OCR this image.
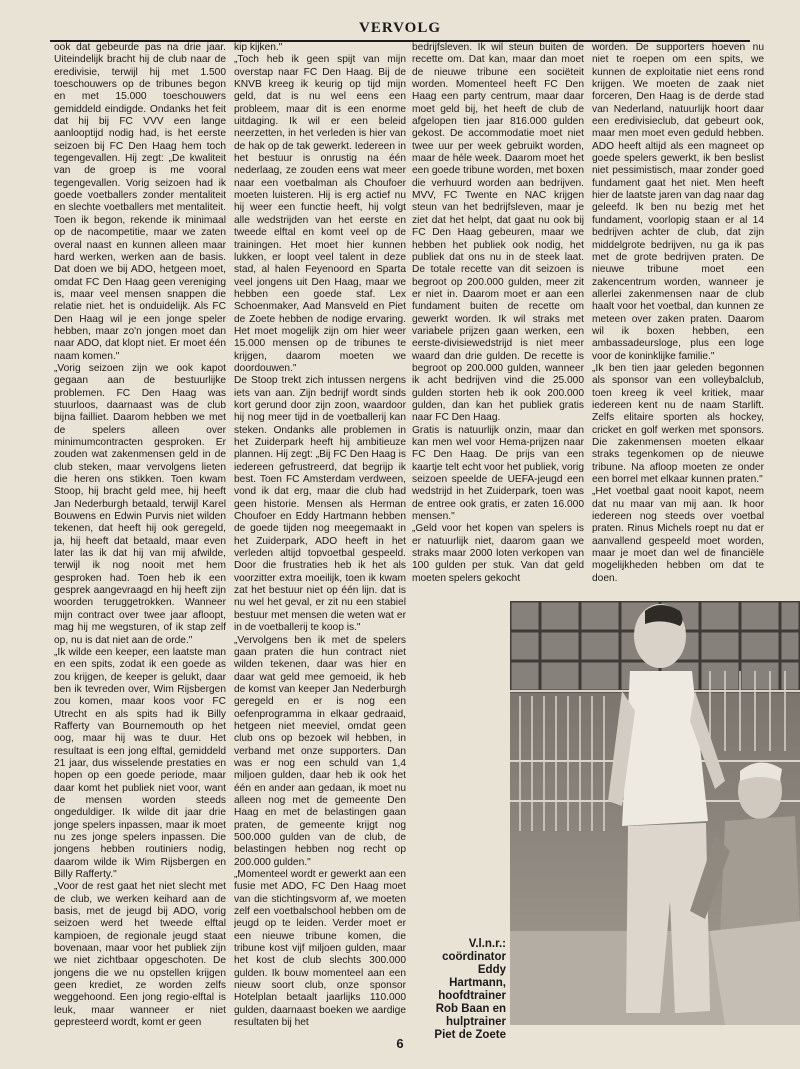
VERVOLG

ook dat gebeurde pas na drie jaar. Uiteindelijk bracht hij de club naar de eredivisie, terwijl hij met 1.500 toeschouwers op de tribunes begon en met 15.000 toeschouwers gemiddeld eindigde. Ondanks het feit dat hij bij FC VVV een lange aanlooptijd nodig had, is het eerste seizoen bij FC Den Haag hem toch tegengevallen. Hij zegt: „De kwaliteit van de groep is me vooral tegengevallen. Vorig seizoen had ik goede voetballers zonder mentaliteit en slechte voetballers met mentaliteit. Toen ik begon, rekende ik minimaal op de nacompetitie, maar we zaten overal naast en kunnen alleen maar hard werken, werken aan de basis. Dat doen we bij ADO, hetgeen moet, omdat FC Den Haag geen vereniging is, maar veel mensen snappen die relatie niet. het is onduidelijk. Als FC Den Haag wil je een jonge speler hebben, maar zo'n jongen moet dan naar ADO, dat klopt niet. Er moet één naam komen."

„Vorig seizoen zijn we ook kapot gegaan aan de bestuurlijke problemen. FC Den Haag was stuurloos, daarnaast was de club bijna failliet. Daarom hebben we met de spelers alleen over minimumcontracten gesproken. Er zouden wat zakenmensen geld in de club steken, maar vervolgens lieten die heren ons stikken. Toen kwam Stoop, hij bracht geld mee, hij heeft Jan Nederburgh betaald, terwijl Karel Bouwens en Edwin Purvis niet wilden tekenen, dat heeft hij ook geregeld, ja, hij heeft dat betaald, maar even later las ik dat hij van mij afwilde, terwijl ik nog nooit met hem gesproken had. Toen heb ik een gesprek aangevraagd en hij heeft zijn woorden teruggetrokken. Wanneer mijn contract over twee jaar afloopt, mag hij me wegsturen, of ik stap zelf op, nu is dat niet aan de orde."

„Ik wilde een keeper, een laatste man en een spits, zodat ik een goede as zou krijgen, de keeper is gelukt, daar ben ik tevreden over, Wim Rijsbergen zou komen, maar koos voor FC Utrecht en als spits had ik Billy Rafferty van Bournemouth op het oog, maar hij was te duur. Het resultaat is een jong elftal, gemiddeld 21 jaar, dus wisselende prestaties en hopen op een goede periode, maar daar komt het publiek niet voor, want de mensen worden steeds ongeduldiger. Ik wilde dit jaar drie jonge spelers inpassen, maar ik moet nu zes jonge spelers inpassen. Die jongens hebben routiniers nodig, daarom wilde ik Wim Rijsbergen en Billy Rafferty."

„Voor de rest gaat het niet slecht met de club, we werken keihard aan de basis, met de jeugd bij ADO, vorig seizoen werd het tweede elftal kampioen, de regionale jeugd staat bovenaan, maar voor het publiek zijn we niet zichtbaar opgeschoten. De jongens die we nu opstellen krijgen geen krediet, ze worden zelfs weggehoond. Een jong regio-elftal is leuk, maar wanneer er niet gepresteerd wordt, komt er geen

kip kijken."

„Toch heb ik geen spijt van mijn overstap naar FC Den Haag. Bij de KNVB kreeg ik keurig op tijd mijn geld, dat is nu wel eens een probleem, maar dit is een enorme uitdaging. Ik wil er een beleid neerzetten, in het verleden is hier van de hak op de tak gewerkt. Iedereen in het bestuur is onrustig na één nederlaag, ze zouden eens wat meer naar een voetbalman als Choufoer moeten luisteren. Hij is erg actief nu hij weer een functie heeft, hij volgt alle wedstrijden van het eerste en tweede elftal en komt veel op de trainingen. Het moet hier kunnen lukken, er loopt veel talent in deze stad, al halen Feyenoord en Sparta veel jongens uit Den Haag, maar we hebben een goede staf. Lex Schoenmaker, Aad Mansveld en Piet de Zoete hebben de nodige ervaring. Het moet mogelijk zijn om hier weer 15.000 mensen op de tribunes te krijgen, daarom moeten we doordouwen."

De Stoop trekt zich intussen nergens iets van aan. Zijn bedrijf wordt sinds kort gerund door zijn zoon, waardoor hij nog meer tijd in de voetballerij kan steken. Ondanks alle problemen in het Zuiderpark heeft hij ambitieuze plannen. Hij zegt: „Bij FC Den Haag is iedereen gefrustreerd, dat begrijp ik best. Toen FC Amsterdam verdween, vond ik dat erg, maar die club had geen historie. Mensen als Herman Choufoer en Eddy Hartmann hebben de goede tijden nog meegemaakt in het Zuiderpark, ADO heeft in het verleden altijd topvoetbal gespeeld. Door die frustraties heb ik het als voorzitter extra moeilijk, toen ik kwam zat het bestuur niet op één lijn. dat is nu wel het geval, er zit nu een stabiel bestuur met mensen die weten wat er in de voetballerij te koop is."

„Vervolgens ben ik met de spelers gaan praten die hun contract niet wilden tekenen, daar was hier en daar wat geld mee gemoeid, ik heb de komst van keeper Jan Nederburgh geregeld en er is nog een oefenprogramma in elkaar gedraaid, hetgeen niet meeviel, omdat geen club ons op bezoek wil hebben, in verband met onze supporters. Dan was er nog een schuld van 1,4 miljoen gulden, daar heb ik ook het één en ander aan gedaan, ik moet nu alleen nog met de gemeente Den Haag en met de belastingen gaan praten, de gemeente krijgt nog 500.000 gulden van de club, de belastingen hebben nog recht op 200.000 gulden."

„Momenteel wordt er gewerkt aan een fusie met ADO, FC Den Haag moet van die stichtingsvorm af, we moeten zelf een voetbalschool hebben om de jeugd op te leiden. Verder moet er een nieuwe tribune komen, die tribune kost vijf miljoen gulden, maar het kost de club slechts 300.000 gulden. Ik bouw momenteel aan een nieuw soort club, onze sponsor Hotelplan betaalt jaarlijks 110.000 gulden, daarnaast boeken we aardige resultaten bij het

bedrijfsleven. Ik wil steun buiten de recette om. Dat kan, maar dan moet de nieuwe tribune een sociëteit worden. Momenteel heeft FC Den Haag een party centrum, maar daar moet geld bij, het heeft de club de afgelopen tien jaar 816.000 gulden gekost. De accommodatie moet niet twee uur per week gebruikt worden, maar de héle week. Daarom moet het een goede tribune worden, met boxen die verhuurd worden aan bedrijven. MVV, FC Twente en NAC krijgen steun van het bedrijfsleven, maar je ziet dat het helpt, dat gaat nu ook bij FC Den Haag gebeuren, maar we hebben het publiek ook nodig, het publiek dat ons nu in de steek laat. De totale recette van dit seizoen is begroot op 200.000 gulden, meer zit er niet in. Daarom moet er aan een fundament buiten de recette om gewerkt worden. Ik wil straks met variabele prijzen gaan werken, een eerste-divisiewedstrijd is niet meer waard dan drie gulden. De recette is begroot op 200.000 gulden, wanneer ik acht bedrijven vind die 25.000 gulden storten heb ik ook 200.000 gulden, dan kan het publiek gratis naar FC Den Haag.

Gratis is natuurlijk onzin, maar dan kan men wel voor Hema-prijzen naar FC Den Haag. De prijs van een kaartje telt echt voor het publiek, vorig seizoen speelde de UEFA-jeugd een wedstrijd in het Zuiderpark, toen was de entree ook gratis, er zaten 16.000 mensen."

„Geld voor het kopen van spelers is er natuurlijk niet, daarom gaan we straks maar 2000 loten verkopen van 100 gulden per stuk. Van dat geld moeten spelers gekocht

worden. De supporters hoeven nu niet te roepen om een spits, we kunnen de exploitatie niet eens rond krijgen. We moeten de zaak niet forceren, Den Haag is de derde stad van Nederland, natuurlijk hoort daar een eredivisieclub, dat gebeurt ook, maar men moet even geduld hebben. ADO heeft altijd als een magneet op goede spelers gewerkt, ik ben beslist niet pessimistisch, maar zonder goed fundament gaat het niet. Men heeft hier de laatste jaren van dag naar dag geleefd. Ik ben nu bezig met het fundament, voorlopig staan er al 14 bedrijven achter de club, dat zijn middelgrote bedrijven, nu ga ik pas met de grote bedrijven praten. De nieuwe tribune moet een zakencentrum worden, wanneer je allerlei zakenmensen naar de club haalt voor het voetbal, dan kunnen ze meteen over zaken praten. Daarom wil ik boxen hebben, een ambassadeursloge, plus een loge voor de koninklijke familie."

„Ik ben tien jaar geleden begonnen als sponsor van een volleybalclub, toen kreeg ik veel kritiek, maar iedereen kent nu de naam Starlift. Zelfs elitaire sporten als hockey, cricket en golf werken met sponsors. Die zakenmensen moeten elkaar straks tegenkomen op de nieuwe tribune. Na afloop moeten ze onder een borrel met elkaar kunnen praten."

„Het voetbal gaat nooit kapot, neem dat nu maar van mij aan. Ik hoor iedereen nog steeds over voetbal praten. Rinus Michels roept nu dat er aanvallend gespeeld moet worden, maar je moet dan wel de financiële mogelijkheden hebben om dat te doen.

V.l.n.r.:
coördinator
Eddy
Hartmann,
hoofdtrainer
Rob Baan en
hulptrainer
Piet de Zoete
6
